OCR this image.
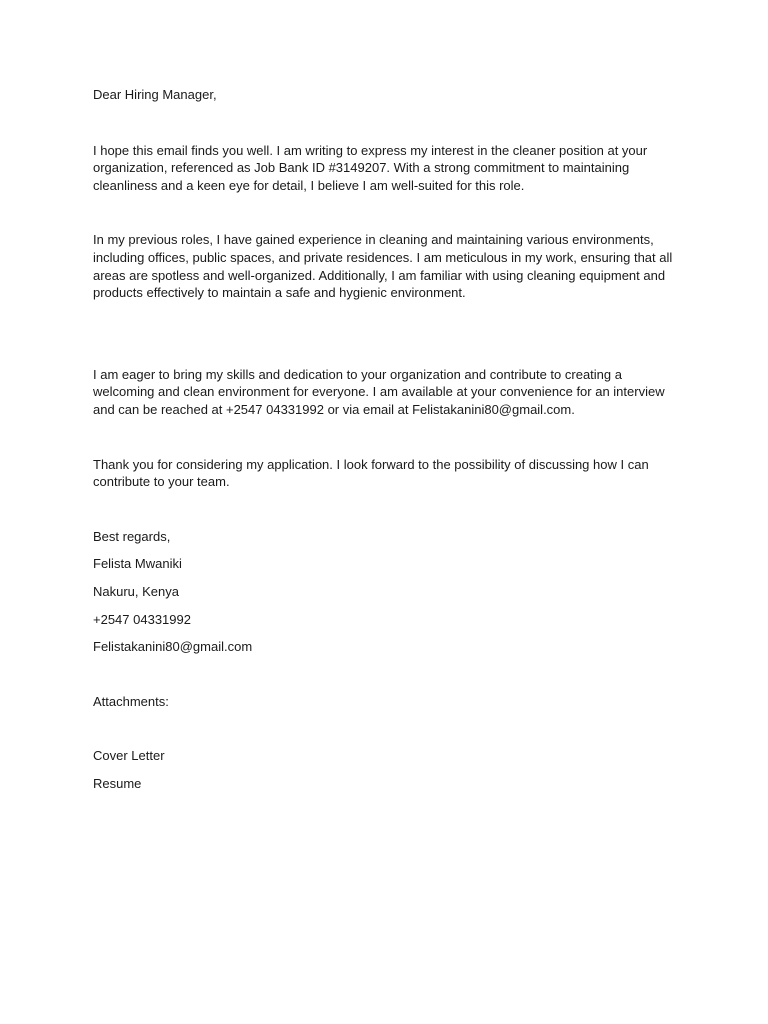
Dear Hiring Manager,

I hope this email finds you well. I am writing to express my interest in the cleaner position at your organization, referenced as Job Bank ID #3149207. With a strong commitment to maintaining cleanliness and a keen eye for detail, I believe I am well-suited for this role.

In my previous roles, I have gained experience in cleaning and maintaining various environments, including offices, public spaces, and private residences. I am meticulous in my work, ensuring that all areas are spotless and well-organized. Additionally, I am familiar with using cleaning equipment and products effectively to maintain a safe and hygienic environment.

I am eager to bring my skills and dedication to your organization and contribute to creating a welcoming and clean environment for everyone. I am available at your convenience for an interview and can be reached at +2547 04331992 or via email at Felistakanini80@gmail.com.

Thank you for considering my application. I look forward to the possibility of discussing how I can contribute to your team.

Best regards,

Felista Mwaniki

Nakuru, Kenya

+2547 04331992

Felistakanini80@gmail.com

Attachments:

Cover Letter

Resume
